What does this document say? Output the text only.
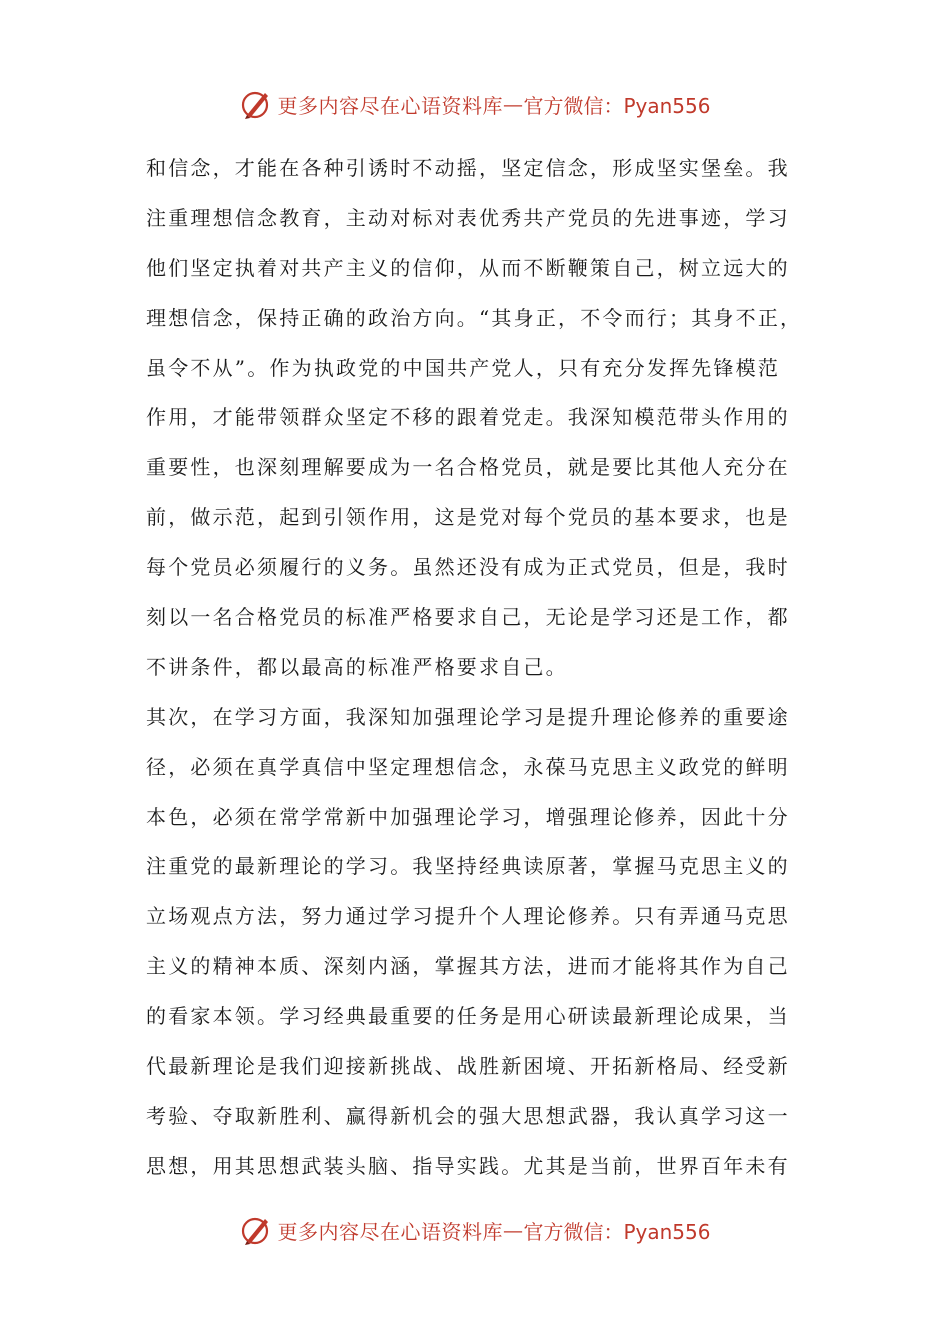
更多内容尽在心语资料库 — 官方微信：Pyan556
和信念，才能在各种引诱时不动摇，坚定信念，形成坚实堡垒。我
注重理想信念教育，主动对标对表优秀共产党员的先进事迹，学习
他们坚定执着对共产主义的信仰，从而不断鞭策自己，树立远大的
理想信念，保持正确的政治方向。“其身正，不令而行；其身不正，
虽令不从”。作为执政党的中国共产党人，只有充分发挥先锋模范
作用，才能带领群众坚定不移的跟着党走。我深知模范带头作用的
重要性，也深刻理解要成为一名合格党员，就是要比其他人充分在
前，做示范，起到引领作用，这是党对每个党员的基本要求，也是
每个党员必须履行的义务。虽然还没有成为正式党员，但是，我时
刻以一名合格党员的标准严格要求自己，无论是学习还是工作，都
不讲条件，都以最高的标准严格要求自己。
其次，在学习方面，我深知加强理论学习是提升理论修养的重要途
径，必须在真学真信中坚定理想信念，永葆马克思主义政党的鲜明
本色，必须在常学常新中加强理论学习，增强理论修养，因此十分
注重党的最新理论的学习。我坚持经典读原著，掌握马克思主义的
立场观点方法，努力通过学习提升个人理论修养。只有弄通马克思
主义的精神本质、深刻内涵，掌握其方法，进而才能将其作为自己
的看家本领。学习经典最重要的任务是用心研读最新理论成果，当
代最新理论是我们迎接新挑战、战胜新困境、开拓新格局、经受新
考验、夺取新胜利、赢得新机会的强大思想武器，我认真学习这一
思想，用其思想武装头脑、指导实践。尤其是当前，世界百年未有
更多内容尽在心语资料库 — 官方微信：Pyan556
